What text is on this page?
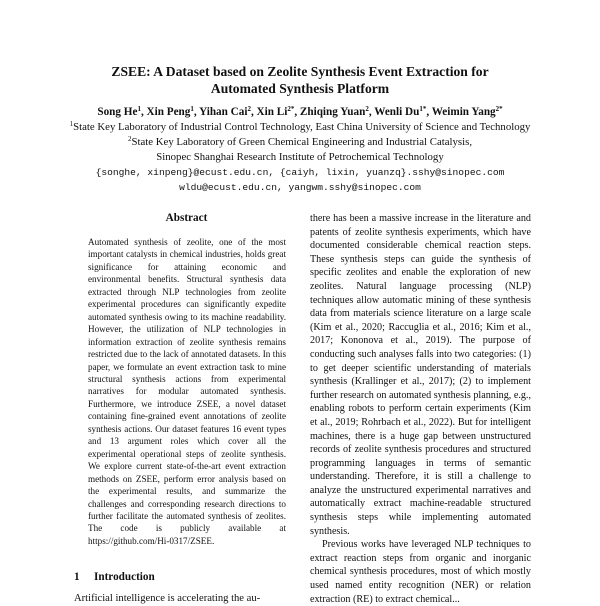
ZSEE: A Dataset based on Zeolite Synthesis Event Extraction for
Automated Synthesis Platform
Song He$^1$, Xin Peng$^1$, Yihan Cai$^2$, Xin $Li^{2*}$, Zhiqing Yuan$^2$, Wenli $Du^{1*}$, Weimin Yang$^{2*}$
$^1$State Key Laboratory of Industrial Control Technology, East China University of Science and Technology
$^2$State Key Laboratory of Green Chemical Engineering and Industrial Catalysis,
Sinopec Shanghai Research Institute of Petrochemical Technology
{songhe, xinpeng}@ecust.edu.cn, {caiyh, lixin, yuanzq}.sshy@sinopec.com
wldu@ecust.edu.cn, yangwm.sshy@sinopec.com
Abstract
Automated synthesis of zeolite, one of the most important catalysts in chemical industries, holds great significance for attaining economic and environmental benefits. Structural synthesis data extracted through NLP technologies from zeolite experimental procedures can significantly expedite automated synthesis owing to its machine readability. However, the utilization of NLP technologies in information extraction of zeolite synthesis remains restricted due to the lack of annotated datasets. In this paper, we formulate an event extraction task to mine structural synthesis actions from experimental narratives for modular automated synthesis. Furthermore, we introduce ZSEE, a novel dataset containing fine-grained event annotations of zeolite synthesis actions. Our dataset features 16 event types and 13 argument roles which cover all the experimental operational steps of zeolite synthesis. We explore current state-of-the-art event extraction methods on ZSEE, perform error analysis based on the experimental results, and summarize the challenges and corresponding research directions to further facilitate the automated synthesis of zeolites. The code is publicly available at https://github.com/Hi-0317/ZSEE.
1 Introduction
Artificial intelligence is accelerating the au-

there has been a massive increase in the literature and patents of zeolite synthesis experiments, which have documented considerable chemical reaction steps. These synthesis steps can guide the synthesis of specific zeolites and enable the exploration of new zeolites. Natural language processing (NLP) techniques allow automatic mining of these synthesis data from materials science literature on a large scale (Kim et al., 2020; Raccuglia et al., 2016; Kim et al., 2017; Kononova et al., 2019). The purpose of conducting such analyses falls into two categories: (1) to get deeper scientific understanding of materials synthesis (Krallinger et al., 2017); (2) to implement further research on automated synthesis planning, e.g., enabling robots to perform certain experiments (Kim et al., 2019; Rohrbach et al., 2022). But for intelligent machines, there is a huge gap between unstructured records of zeolite synthesis procedures and structured programming languages in terms of semantic understanding. Therefore, it is still a challenge to analyze the unstructured experimental narratives and automatically extract machine-readable structured synthesis steps while implementing automated synthesis.

Previous works have leveraged NLP techniques to extract reaction steps from organic and inorganic chemical synthesis procedures, most of which mostly used named entity recognition (NER) or relation extraction (RE) to extract chemical...
